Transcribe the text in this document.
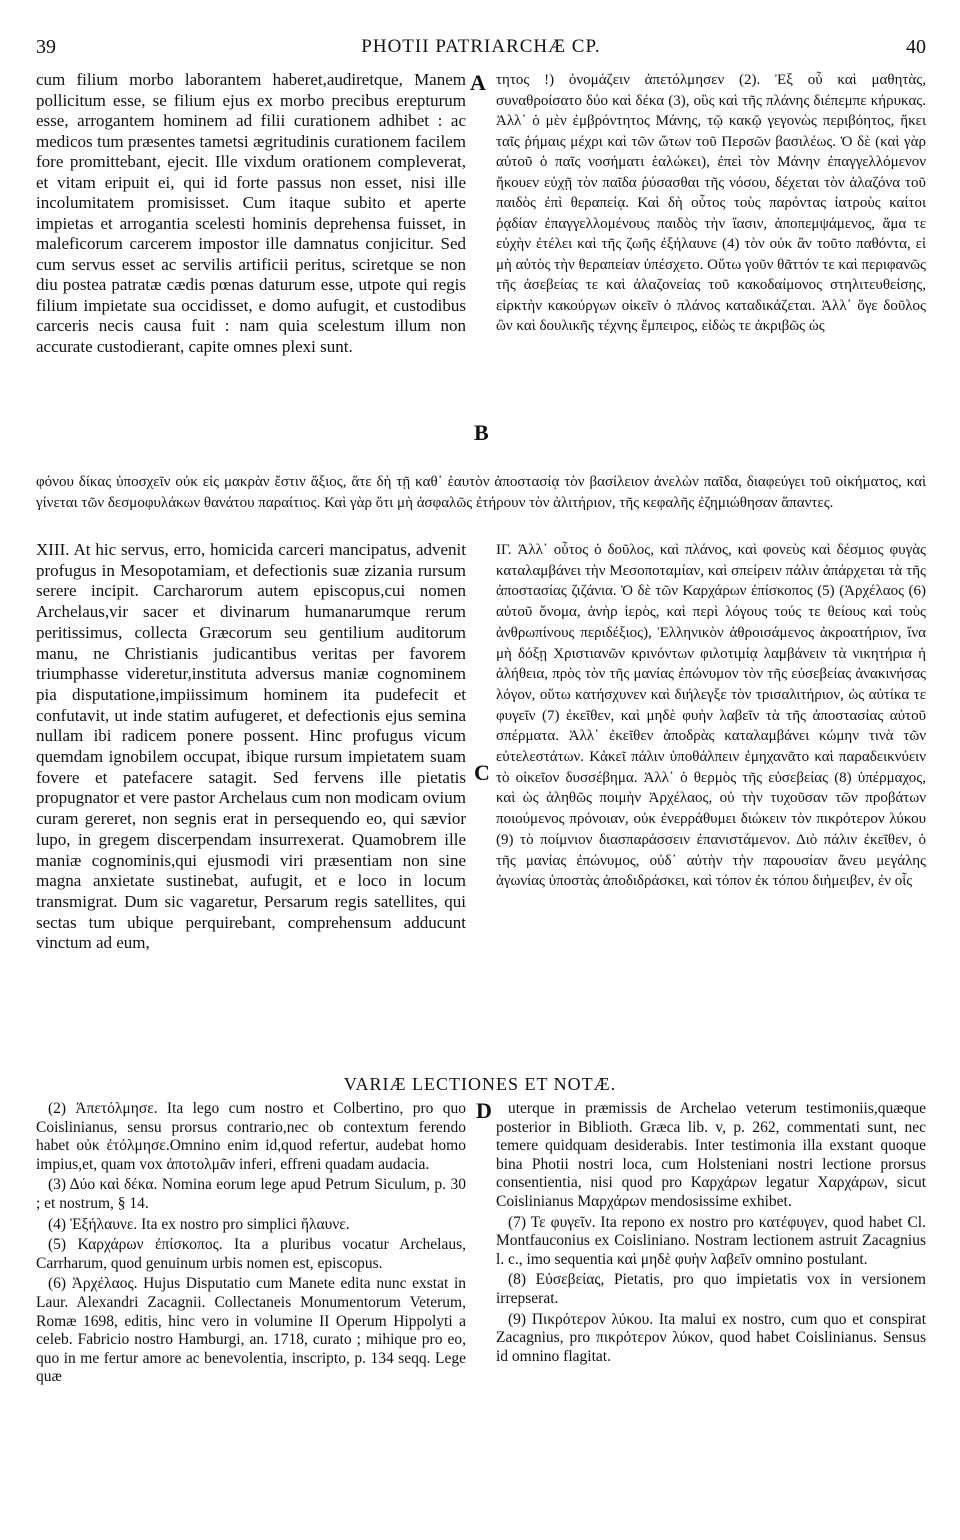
39	PHOTII PATRIARCHÆ CP.	40

cum filium morbo laborantem haberet,audiretque, Manem pollicitum esse, se filium ejus ex morbo precibus erepturum esse, arrogantem hominem ad filii curationem adhibet : ac medicos tum præsentes tametsi ægritudinis curationem facilem fore promittebant, ejecit. Ille vixdum orationem compleverat, et vitam eripuit ei, qui id forte passus non esset, nisi ille incolumitatem promisisset. Cum itaque subito et aperte impietas et arrogantia scelesti hominis deprehensa fuisset, in maleficorum carcerem impostor ille damnatus conjicitur. Sed cum servus esset ac servilis artificii peritus, sciretque se non diu postea patratæ cædis pœnas daturum esse, utpote qui regis filium impietate sua occidisset, e domo aufugit, et custodibus carceris necis causa fuit : nam quia scelestum illum non accurate custodierant, capite omnes plexi sunt.

A τητος !) ὀνομάζειν ἀπετόλμησεν (2). Ἐξ οὗ καὶ μαθητὰς, συναθροίσατο δύο καὶ δέκα (3), οὓς καὶ τῆς πλάνης διέπεμπε κήρυκας. Ἀλλ᾽ ὁ μὲν ἐμβρόντητος Μάνης, τῷ κακῷ γεγονὼς περιβόητος, ἥκει ταῖς ῥήμαις μέχρι καὶ τῶν ὤτων τοῦ Περσῶν βασιλέως. Ὁ δὲ (καὶ γὰρ αὐτοῦ ὁ παῖς νοσήματι ἑαλώκει), ἐπεὶ τὸν Μάνην ἐπαγγελλόμενον ἤκουεν εὐχῇ τὸν παῖδα ῥύσασθαι τῆς νόσου, δέχεται τὸν ἀλαζόνα τοῦ παιδὸς ἐπὶ θεραπείᾳ. Καὶ δὴ οὗτος τοὺς παρόντας ἰατροὺς καίτοι ῥᾳδίαν ἐπαγγελλομένους παιδὸς τὴν ἴασιν, ἀποπεμψάμενος, ἅμα τε εὐχὴν ἐτέλει καὶ τῆς ζωῆς ἐξήλαυνε (4) τὸν οὐκ ἂν τοῦτο παθόντα, εἰ μὴ αὐτὸς τὴν θεραπείαν ὑπέσχετο. Οὕτω γοῦν θᾶττόν τε καὶ περιφανῶς τῆς ἀσεβείας τε καὶ ἀλαζονείας τοῦ κακοδαίμονος στηλιτευθείσης, εἱρκτὴν κακούργων οἰκεῖν ὁ πλάνος καταδικάζεται. Ἀλλ᾽ ὅγε δοῦλος ὢν καὶ δουλικῆς τέχνης ἔμπειρος, εἰδὼς τε ἀκριβῶς ὡς

B
φόνου δίκας ὑποσχεῖν οὐκ εἰς μακρὰν ἔστιν ἄξιος, ἅτε δὴ τῇ καθ᾽ ἑαυτὸν ἀποστασίᾳ τὸν βασίλειον ἀνελὼν παῖδα, διαφεύγει τοῦ οἰκήματος, καὶ γίνεται τῶν δεσμοφυλάκων θανάτου παραίτιος. Καὶ γὰρ ὅτι μὴ ἀσφαλῶς ἐτήρουν τὸν ἀλιτήριον, τῆς κεφαλῆς ἐζημιώθησαν ἅπαντες.

XIII. At hic servus, erro, homicida carceri mancipatus, advenit profugus in Mesopotamiam, et defectionis suæ zizania rursum serere incipit. Carcharorum autem episcopus,cui nomen Archelaus,vir sacer et divinarum humanarumque rerum peritissimus, collecta Græcorum seu gentilium auditorum manu, ne Christianis judicantibus veritas per favorem triumphasse videretur,instituta adversus maniæ cognominem pia disputatione,impiissimum hominem ita pudefecit et confutavit, ut inde statim aufugeret, et defectionis ejus semina nullam ibi radicem ponere possent. Hinc profugus vicum quemdam ignobilem occupat, ibique rursum impietatem suam fovere et patefacere satagit. Sed fervens ille pietatis propugnator et vere pastor Archelaus cum non modicam ovium curam gereret, non segnis erat in persequendo eo, qui sævior lupo, in gregem discerpendam insurrexerat. Quamobrem ille maniæ cognominis,qui ejusmodi viri præsentiam non sine magna anxietate sustinebat, aufugit, et e loco in locum transmigrat. Dum sic vagaretur, Persarum regis satellites, qui sectas tum ubique perquirebant, comprehensum adducunt vinctum ad eum,

C

ΙΓ. Ἀλλ᾽ οὗτος ὁ δοῦλος, καὶ πλάνος, καὶ φονεὺς καὶ δέσμιος φυγὰς καταλαμβάνει τὴν Μεσοποταμίαν, καὶ σπείρειν πάλιν ἀπάρχεται τὰ τῆς ἀποστασίας ζιζάνια. Ὁ δὲ τῶν Καρχάρων ἐπίσκοπος (5) (Ἀρχέλαος (6) αὐτοῦ ὄνομα, ἀνὴρ ἱερὸς, καὶ περὶ λόγους τούς τε θείους καὶ τοὺς ἀνθρωπίνους περιδέξιος), Ἑλληνικὸν ἀθροισάμενος ἀκροατήριον, ἵνα μὴ δόξῃ Χριστιανῶν κρινόντων φιλοτιμίᾳ λαμβάνειν τὰ νικητήρια ἡ ἀλήθεια, πρὸς τὸν τῆς μανίας ἐπώνυμον τὸν τῆς εὐσεβείας ἀνακινήσας λόγον, οὕτω κατήσχυνεν καὶ διήλεγξε τὸν τρισαλιτήριον, ὡς αὐτίκα τε φυγεῖν (7) ἐκεῖθεν, καὶ μηδὲ φυὴν λαβεῖν τὰ τῆς ἀποστασίας αὐτοῦ σπέρματα. Ἀλλ᾽ ἐκεῖθεν ἀποδρὰς καταλαμβάνει κώμην τινὰ τῶν εὐτελεστάτων. Κἀκεῖ πάλιν ὑποθάλπειν ἐμηχανᾶτο καὶ παραδεικνύειν τὸ οἰκεῖον δυσσέβημα. Ἀλλ᾽ ὁ θερμὸς τῆς εὐσεβείας (8) ὑπέρμαχος, καὶ ὡς ἀληθῶς ποιμὴν Ἀρχέλαος, οὐ τὴν τυχοῦσαν τῶν προβάτων ποιούμενος πρόνοιαν, οὐκ ἐνερράθυμει διώκειν τὸν πικρότερον λύκου (9) τὸ ποίμνιον διασπαράσσειν ἐπανιστάμενον. Διὸ πάλιν ἐκεῖθεν, ὁ τῆς μανίας ἐπώνυμος, οὐδ᾽ αὐτὴν τὴν παρουσίαν ἄνευ μεγάλης ἀγωνίας ὑποστὰς ἀποδιδράσκει, καὶ τόπον ἐκ τόπου διήμειβεν, ἐν οἷς

VARIÆ LECTIONES ET NOTÆ.
D

(2) Ἀπετόλμησε. Ita lego cum nostro et Colbertino, pro quo Coislinianus, sensu prorsus contrario,nec ob contextum ferendo habet οὐκ ἐτόλμησε.Omnino enim id,quod refertur, audebat homo impius,et, quam vox ἀποτολμᾶν inferi, effreni quadam audacia.

(3) Δύο καὶ δέκα. Nomina eorum lege apud Petrum Siculum, p. 30 ; et nostrum, § 14.

(4) Ἐξήλαυνε. Ita ex nostro pro simplici ἤλαυνε.

(5) Καρχάρων ἐπίσκοπος. Ita a pluribus vocatur Archelaus, Carrharum, quod genuinum urbis nomen est, episcopus.

(6) Ἀρχέλαος. Hujus Disputatio cum Manete edita nunc exstat in Laur. Alexandri Zacagnii. Collectaneis Monumentorum Veterum, Romæ 1698, editis, hinc vero in volumine II Operum Hippolyti a celeb. Fabricio nostro Hamburgi, an. 1718, curato ; mihique pro eo, quo in me fertur amore ac benevolentia, inscripto, p. 134 seqq. Lege quæ

uterque in præmissis de Archelao veterum testimoniis,quæque posterior in Biblioth. Græca lib. v, p. 262, commentati sunt, nec temere quidquam desiderabis. Inter testimonia illa exstant quoque bina Photii nostri loca, cum Holsteniani nostri lectione prorsus consentientia, nisi quod pro Καρχάρων legatur Χαρχάρων, sicut Coislinianus Μαρχάρων mendosissime exhibet.

(7) Τε φυγεῖν. Ita repono ex nostro pro κατέφυγεν, quod habet Cl. Montfauconius ex Coisliniano. Nostram lectionem astruit Zacagnius l. c., imo sequentia καὶ μηδὲ φυὴν λαβεῖν omnino postulant.

(8) Εὐσεβείας, Pietatis, pro quo impietatis vox in versionem irrepserat.

(9) Πικρότερον λύκου. Ita malui ex nostro, cum quo et conspirat Zacagnius, pro πικρότερον λύκον, quod habet Coislinianus. Sensus id omnino flagitat.
